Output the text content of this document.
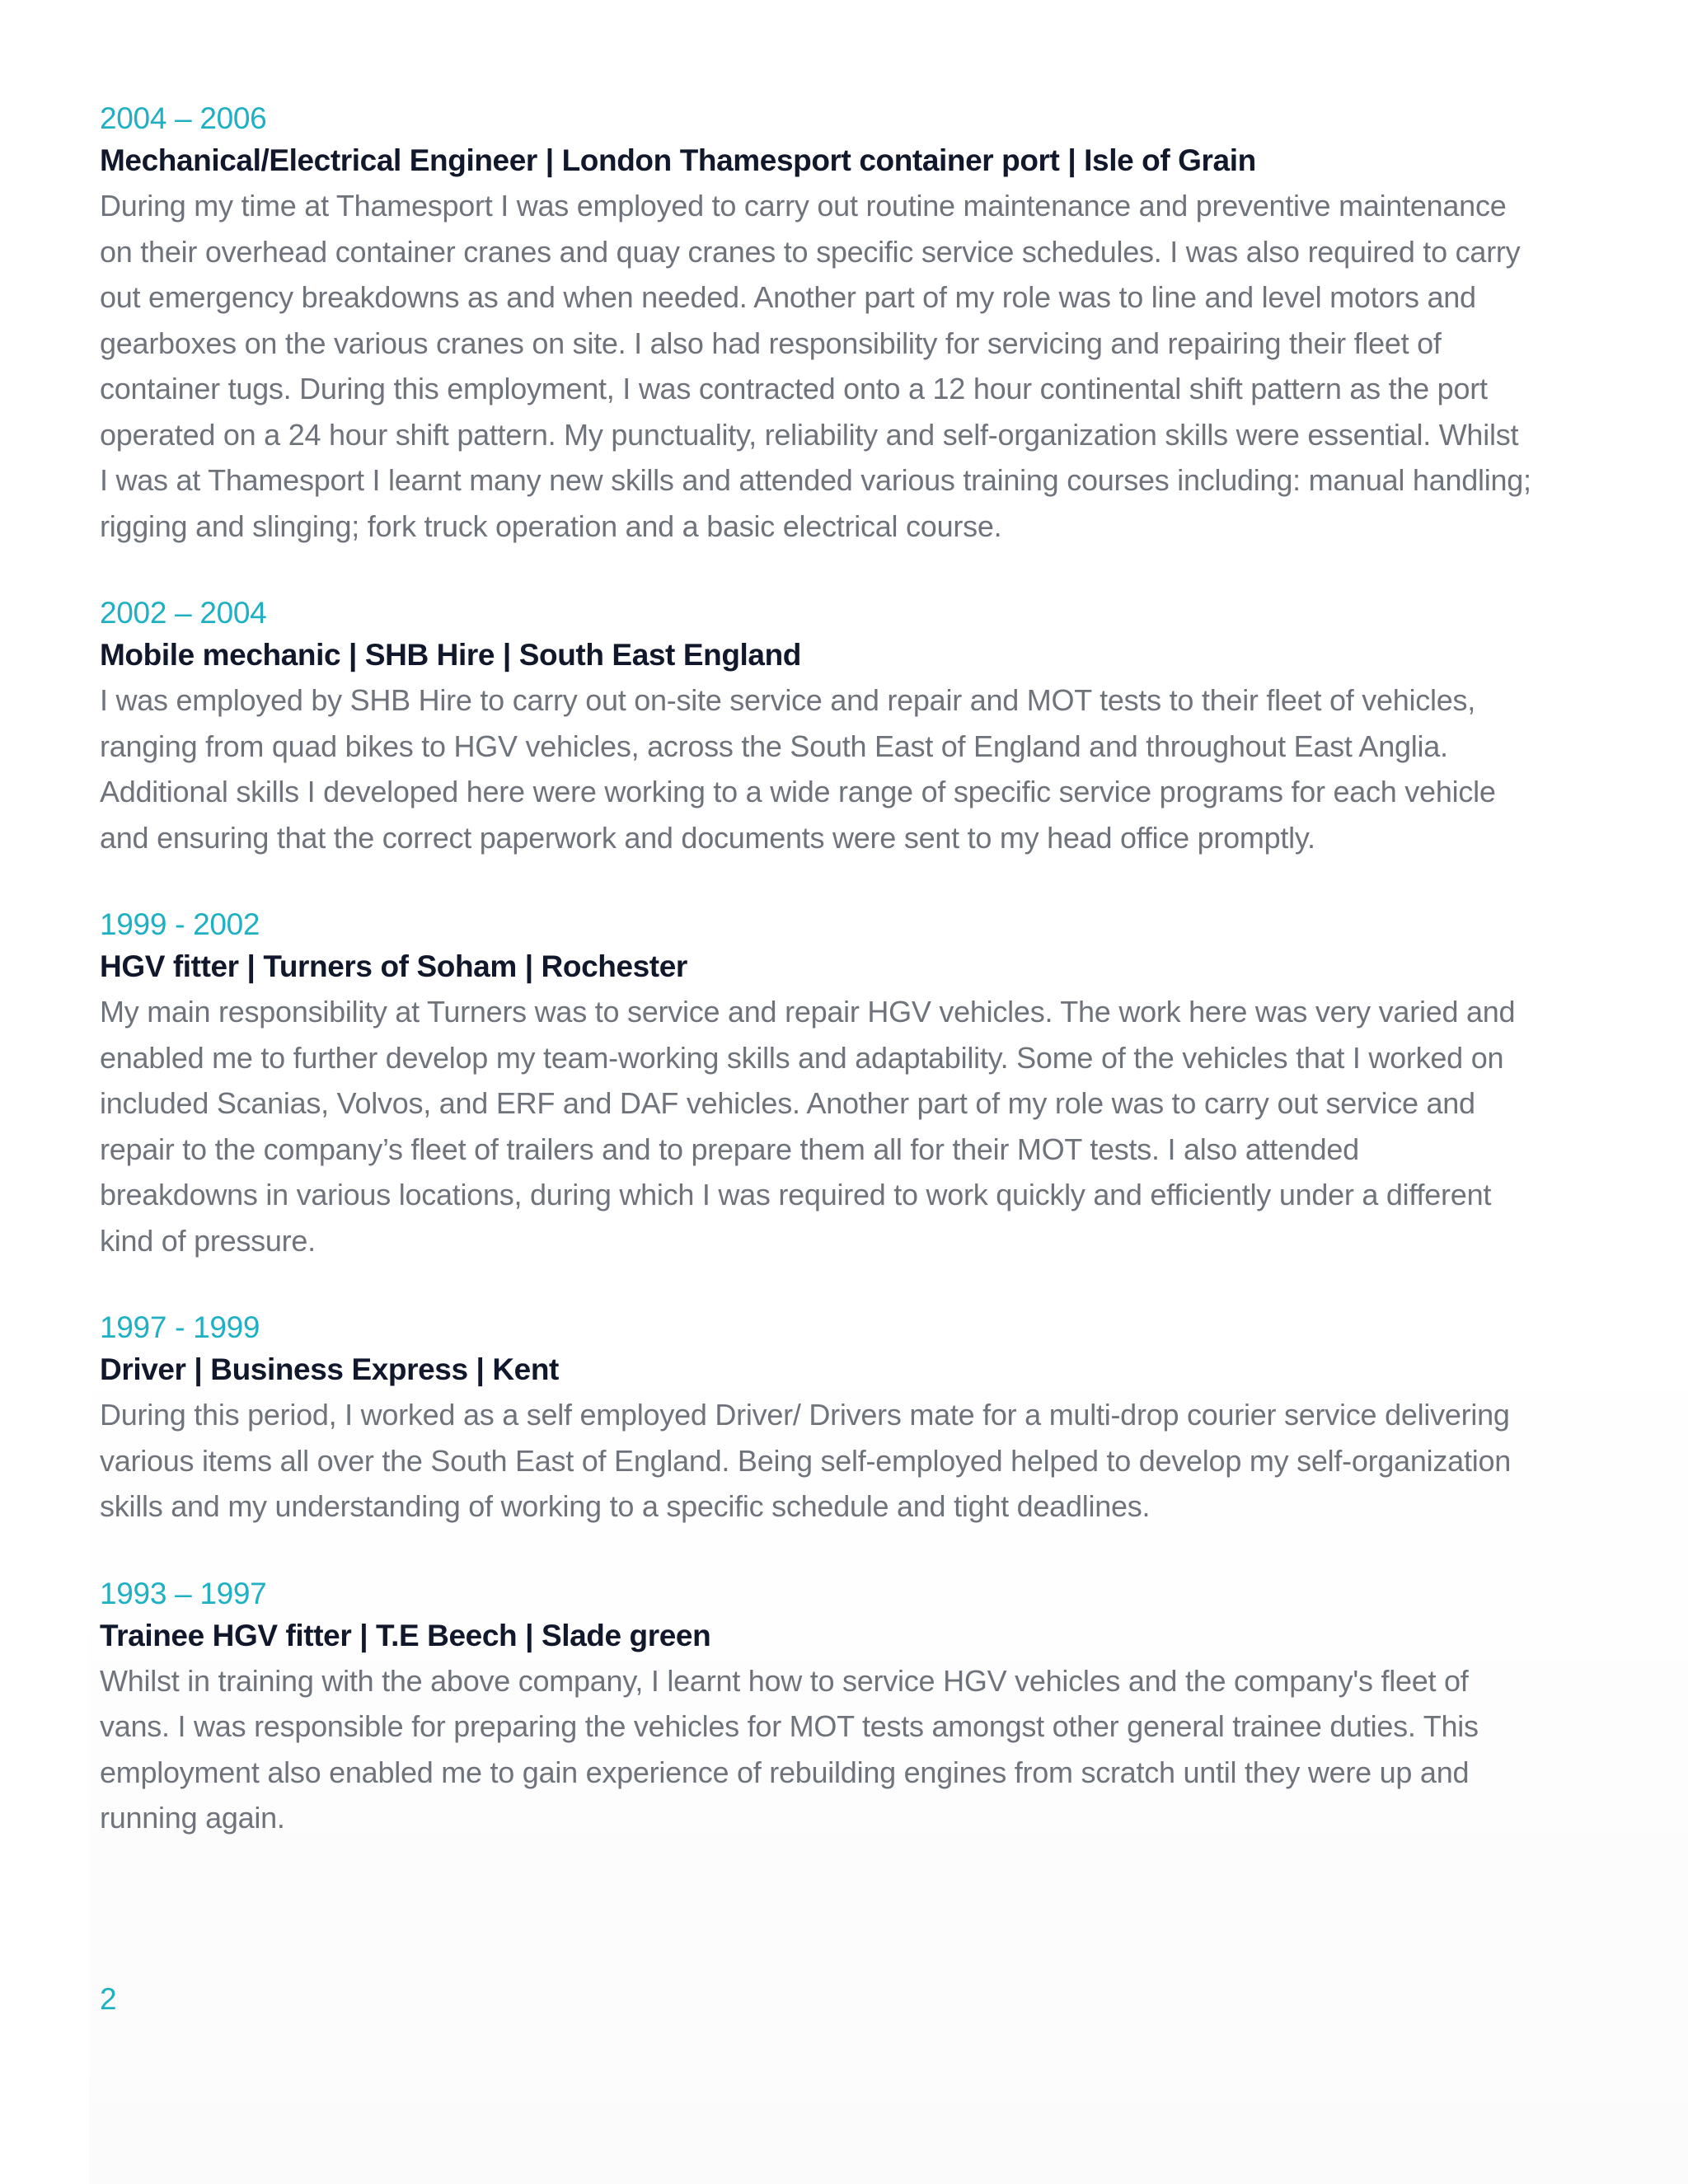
2004 – 2006
Mechanical/Electrical Engineer | London Thamesport container port | Isle of Grain
During my time at Thamesport I was employed to carry out routine maintenance and preventive maintenance
on their overhead container cranes and quay cranes to specific service schedules. I was also required to carry
out emergency breakdowns as and when needed. Another part of my role was to line and level motors and
gearboxes on the various cranes on site. I also had responsibility for servicing and repairing their fleet of
container tugs. During this employment, I was contracted onto a 12 hour continental shift pattern as the port
operated on a 24 hour shift pattern. My punctuality, reliability and self-organization skills were essential. Whilst
I was at Thamesport I learnt many new skills and attended various training courses including: manual handling;
rigging and slinging; fork truck operation and a basic electrical course.
2002 – 2004
Mobile mechanic | SHB Hire | South East England
I was employed by SHB Hire to carry out on-site service and repair and MOT tests to their fleet of vehicles,
ranging from quad bikes to HGV vehicles, across the South East of England and throughout East Anglia.
Additional skills I developed here were working to a wide range of specific service programs for each vehicle
and ensuring that the correct paperwork and documents were sent to my head office promptly.
1999 - 2002
HGV fitter | Turners of Soham | Rochester
My main responsibility at Turners was to service and repair HGV vehicles. The work here was very varied and
enabled me to further develop my team-working skills and adaptability. Some of the vehicles that I worked on
included Scanias, Volvos, and ERF and DAF vehicles. Another part of my role was to carry out service and
repair to the company’s fleet of trailers and to prepare them all for their MOT tests. I also attended
breakdowns in various locations, during which I was required to work quickly and efficiently under a different
kind of pressure.
1997 - 1999
Driver | Business Express | Kent
During this period, I worked as a self employed Driver/ Drivers mate for a multi-drop courier service delivering
various items all over the South East of England. Being self-employed helped to develop my self-organization
skills and my understanding of working to a specific schedule and tight deadlines.
1993 – 1997
Trainee HGV fitter | T.E Beech | Slade green
Whilst in training with the above company, I learnt how to service HGV vehicles and the company's fleet of
vans. I was responsible for preparing the vehicles for MOT tests amongst other general trainee duties. This
employment also enabled me to gain experience of rebuilding engines from scratch until they were up and
running again.
2
